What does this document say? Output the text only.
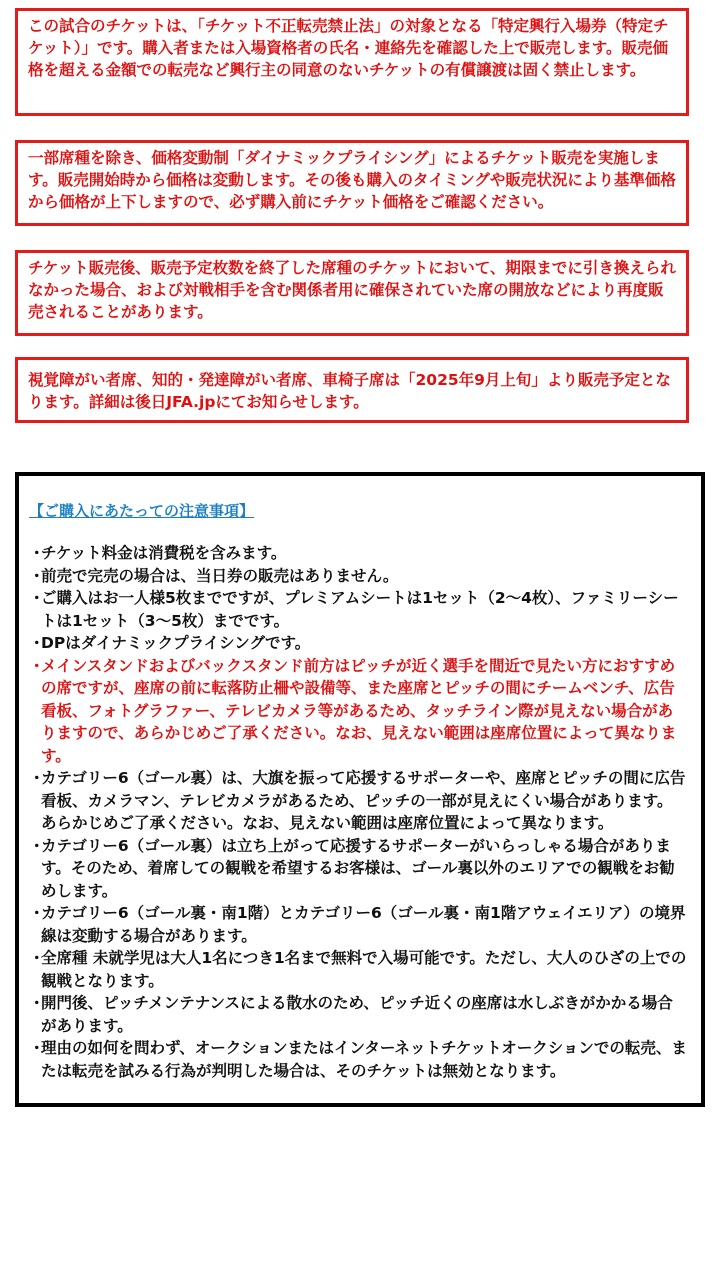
この試合のチケットは、「チケット不正転売禁止法」の対象となる「特定興行入場券（特定チケット）」です。購入者または入場資格者の氏名・連絡先を確認した上で販売します。販売価格を超える金額での転売など興行主の同意のないチケットの有償譲渡は固く禁止します。
一部席種を除き、価格変動制「ダイナミックプライシング」によるチケット販売を実施します。販売開始時から価格は変動します。その後も購入のタイミングや販売状況により基準価格から価格が上下しますので、必ず購入前にチケット価格をご確認ください。
チケット販売後、販売予定枚数を終了した席種のチケットにおいて、期限までに引き換えられなかった場合、および対戦相手を含む関係者用に確保されていた席の開放などにより再度販売されることがあります。
視覚障がい者席、知的・発達障がい者席、車椅子席は「2025年9月上旬」より販売予定となります。詳細は後日JFA.jpにてお知らせします。
【ご購入にあたっての注意事項】
・
チケット料金は消費税を含みます。
・
前売で完売の場合は、当日券の販売はありません。
・
ご購入はお一人様5枚までですが、プレミアムシートは1セット（2～4枚）、ファミリーシートは1セット（3～5枚）までです。
・
DPはダイナミックプライシングです。
・
メインスタンドおよびバックスタンド前方はピッチが近く選手を間近で見たい方におすすめの席ですが、座席の前に転落防止柵や設備等、また座席とピッチの間にチームベンチ、広告看板、フォトグラファー、テレビカメラ等があるため、タッチライン際が見えない場合がありますので、あらかじめご了承ください。なお、見えない範囲は座席位置によって異なります。
・
カテゴリー6（ゴール裏）は、大旗を振って応援するサポーターや、座席とピッチの間に広告看板、カメラマン、テレビカメラがあるため、ピッチの一部が見えにくい場合があります。あらかじめご了承ください。なお、見えない範囲は座席位置によって異なります。
・
カテゴリー6（ゴール裏）は立ち上がって応援するサポーターがいらっしゃる場合があります。そのため、着席しての観戦を希望するお客様は、ゴール裏以外のエリアでの観戦をお勧めします。
・
カテゴリー6（ゴール裏・南1階）とカテゴリー6（ゴール裏・南1階アウェイエリア）の境界線は変動する場合があります。
・
全席種 未就学児は大人1名につき1名まで無料で入場可能です。ただし、大人のひざの上での観戦となります。
・
開門後、ピッチメンテナンスによる散水のため、ピッチ近くの座席は水しぶきがかかる場合があります。
・
理由の如何を問わず、オークションまたはインターネットチケットオークションでの転売、または転売を試みる行為が判明した場合は、そのチケットは無効となります。
